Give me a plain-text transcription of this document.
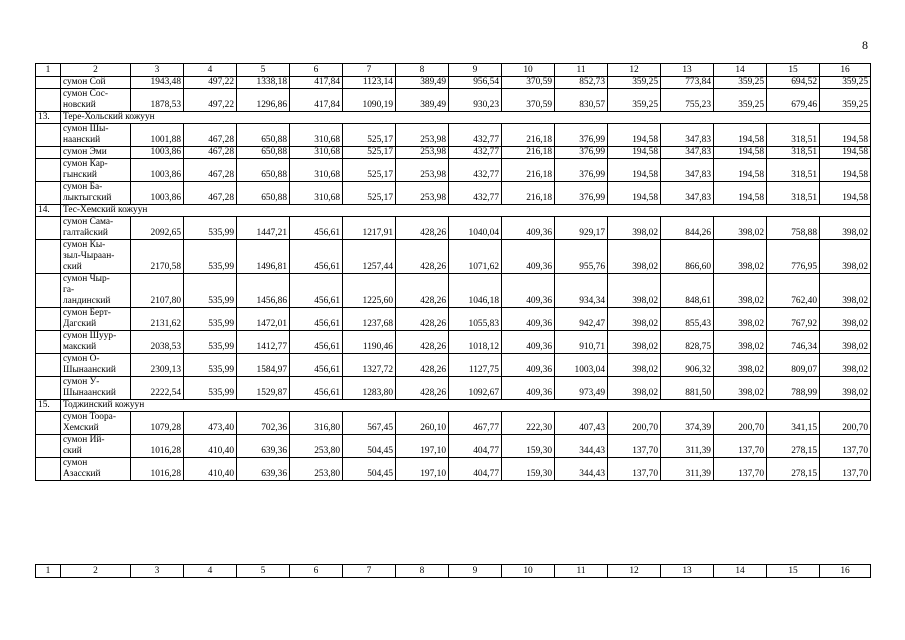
8
1	2	3	4	5	6	7	8	9	10	11	12	13	14	15	16
	сумон Сой	1943,48	497,22	1338,18	417,84	1123,14	389,49	956,54	370,59	852,73	359,25	773,84	359,25	694,52	359,25
	сумон Сос-
новский	1878,53	497,22	1296,86	417,84	1090,19	389,49	930,23	370,59	830,57	359,25	755,23	359,25	679,46	359,25
13.	Тере-Хольский кожуун														
	сумон Шы-
наанский	1001,88	467,28	650,88	310,68	525,17	253,98	432,77	216,18	376,99	194,58	347,83	194,58	318,51	194,58
	сумон Эми	1003,86	467,28	650,88	310,68	525,17	253,98	432,77	216,18	376,99	194,58	347,83	194,58	318,51	194,58
	сумон Кар-
гынский	1003,86	467,28	650,88	310,68	525,17	253,98	432,77	216,18	376,99	194,58	347,83	194,58	318,51	194,58
	сумон Ба-
лыктыгский	1003,86	467,28	650,88	310,68	525,17	253,98	432,77	216,18	376,99	194,58	347,83	194,58	318,51	194,58
14.	Тес-Хемский кожуун														
	сумон Сама-
галтайский	2092,65	535,99	1447,21	456,61	1217,91	428,26	1040,04	409,36	929,17	398,02	844,26	398,02	758,88	398,02
	сумон Кы-
зыл-Чыраан-
ский	2170,58	535,99	1496,81	456,61	1257,44	428,26	1071,62	409,36	955,76	398,02	866,60	398,02	776,95	398,02
	сумон Чыр-
га-
ландинский	2107,80	535,99	1456,86	456,61	1225,60	428,26	1046,18	409,36	934,34	398,02	848,61	398,02	762,40	398,02
	сумон Берт-
Дагский	2131,62	535,99	1472,01	456,61	1237,68	428,26	1055,83	409,36	942,47	398,02	855,43	398,02	767,92	398,02
	сумон Шуур-
макский	2038,53	535,99	1412,77	456,61	1190,46	428,26	1018,12	409,36	910,71	398,02	828,75	398,02	746,34	398,02
	сумон О-
Шынаанский	2309,13	535,99	1584,97	456,61	1327,72	428,26	1127,75	409,36	1003,04	398,02	906,32	398,02	809,07	398,02
	сумон У-
Шынаанский	2222,54	535,99	1529,87	456,61	1283,80	428,26	1092,67	409,36	973,49	398,02	881,50	398,02	788,99	398,02
15.	Тоджинский кожуун														
	сумон Тоора-
Хемский	1079,28	473,40	702,36	316,80	567,45	260,10	467,77	222,30	407,43	200,70	374,39	200,70	341,15	200,70
	сумон Ий-
ский	1016,28	410,40	639,36	253,80	504,45	197,10	404,77	159,30	344,43	137,70	311,39	137,70	278,15	137,70
	сумон
Азасский	1016,28	410,40	639,36	253,80	504,45	197,10	404,77	159,30	344,43	137,70	311,39	137,70	278,15	137,70
1	2	3	4	5	6	7	8	9	10	11	12	13	14	15	16
